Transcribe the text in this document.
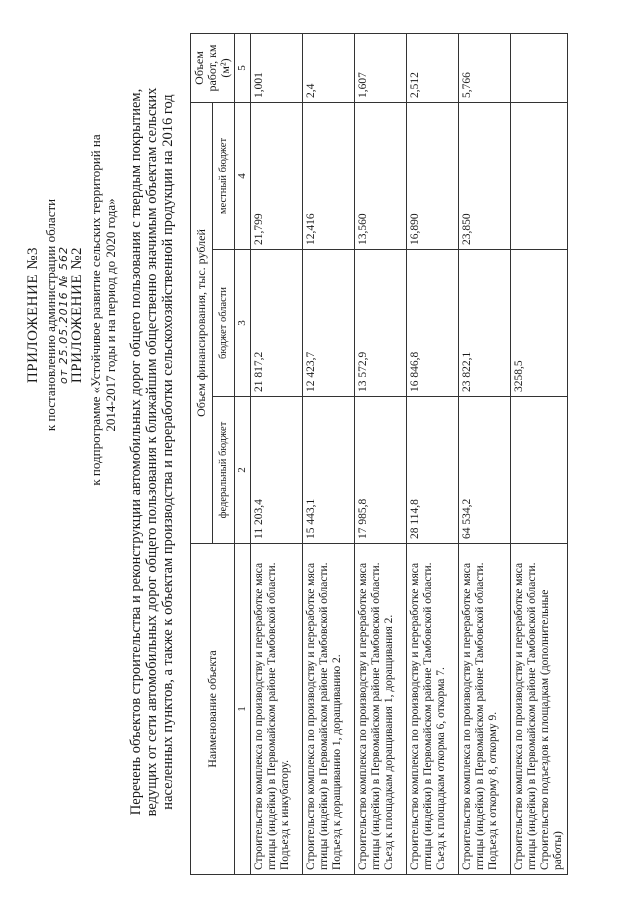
ПРИЛОЖЕНИЕ №3 к постановлению администрации области от 25.05.2016 № 562 ПРИЛОЖЕНИЕ №2 к подпрограмме «Устойчивое развитие сельских территорий на 2014-2017 годы и на период до 2020 года» Перечень объектов строительства и реконструкции автомобильных дорог общего пользования с твердым покрытием, ведущих от сети автомобильных дорог общего пользования к ближайшим общественно значимым объектам сельских населенных пунктов, а также к объектам производства и переработки сельскохозяйственной продукции на 2016 год Наименование объекта	Объем финансирования, тыс. рублей			Объем работ, км (м²)
	федеральный бюджет	бюджет области	местный бюджет	
1	2	3	4	5
Строительство комплекса по производству и переработке мяса птицы (индейки) в Первомайском районе Тамбовской области. Подъезд к инкубатору.	11 203,4	21 817,2	21,799	1,001
Строительство комплекса по производству и переработке мяса птицы (индейки) в Первомайском районе Тамбовской области. Подъезд к доращиванию 1, доращиванию 2.	15 443,1	12 423,7	12,416	2,4
Строительство комплекса по производству и переработке мяса птицы (индейки) в Первомайском районе Тамбовской области. Съезд к площадкам доращивания 1, доращивания 2.	17 985,8	13 572,9	13,560	1,607
Строительство комплекса по производству и переработке мяса птицы (индейки) в Первомайском районе Тамбовской области. Съезд к площадкам откорма 6, откорма 7.	28 114,8	16 846,8	16,890	2,512
Строительство комплекса по производству и переработке мяса птицы (индейки) в Первомайском районе Тамбовской области. Подъезд к откорму 8, откорму 9.	64 534,2	23 822,1	23,850	5,766
Строительство комплекса по производству и переработке мяса птицы (индейки) в Первомайском районе Тамбовской области. Строительство подъездов к площадкам (дополнительные работы)		3258,5		
